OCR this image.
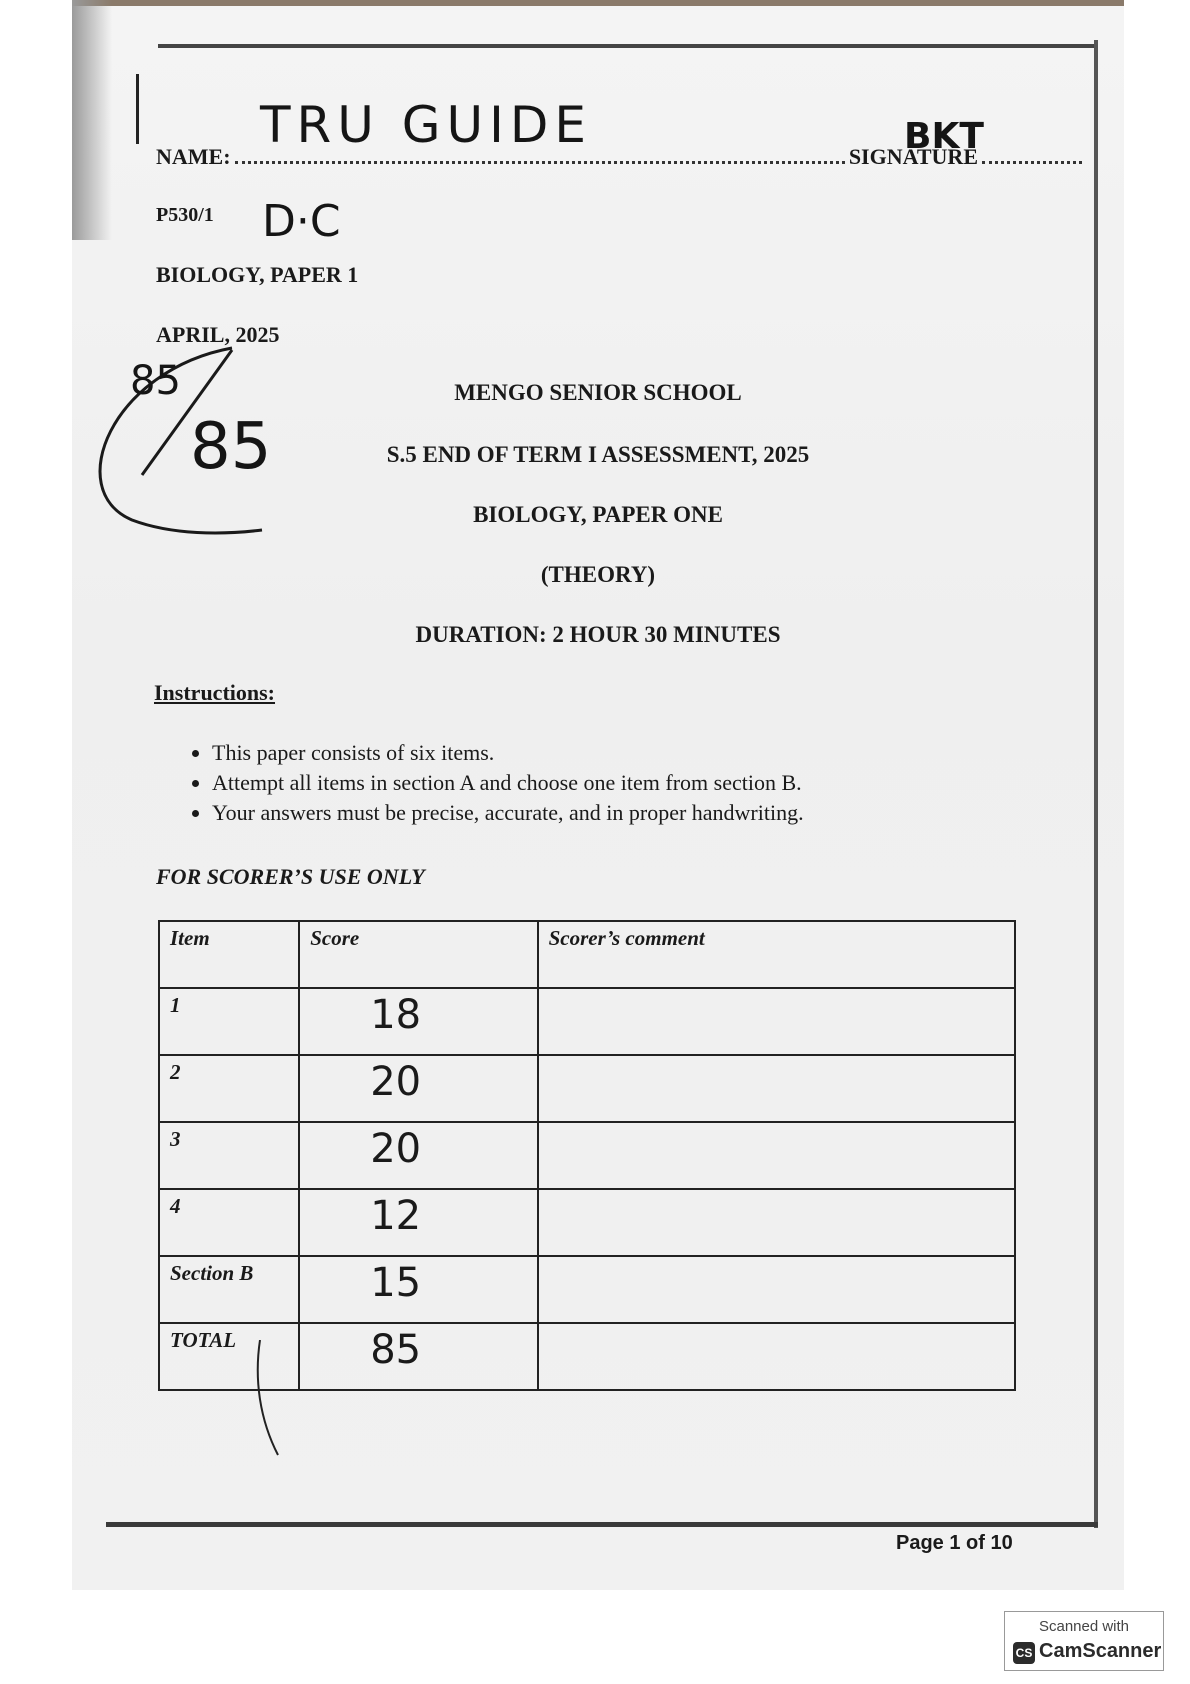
NAME:	SIGNATURE
TRU GUIDE	BKT
P530/1 D·C
BIOLOGY, PAPER 1
APRIL, 2025
85
85
MENGO SENIOR SCHOOL
S.5 END OF TERM I ASSESSMENT, 2025
BIOLOGY, PAPER ONE
(THEORY)
DURATION: 2 HOUR 30 MINUTES
Instructions:
• This paper consists of six items.
• Attempt all items in section A and choose one item from section B.
• Your answers must be precise, accurate, and in proper handwriting.
FOR SCORER’S USE ONLY
Item	Score	Scorer’s comment
1	18	

2	20	

3	20	

4	12	

Section B	15	

TOTAL	85	

Page 1 of 10
Scanned with
CS CamScanner
